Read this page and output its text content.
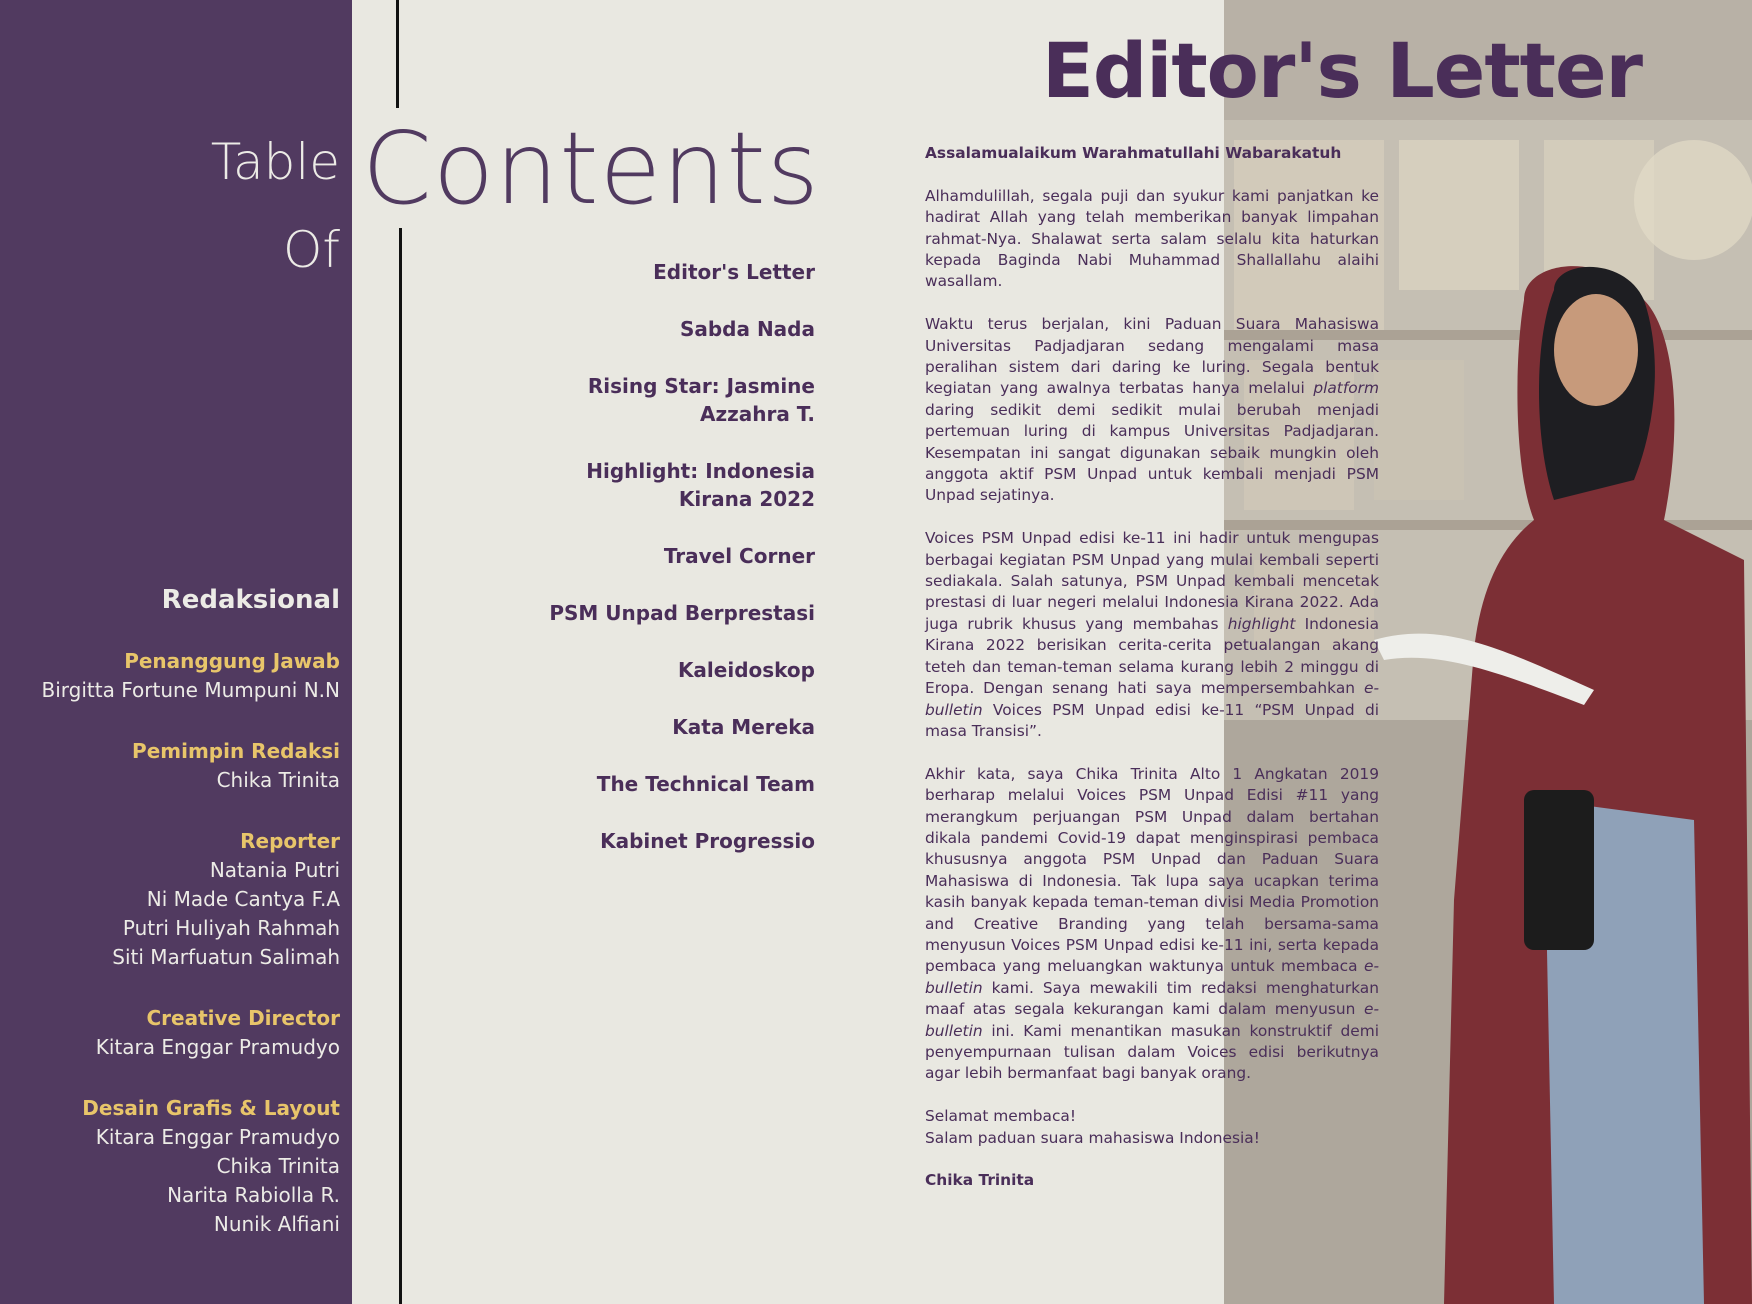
Table
Of
Redaksional
Penanggung Jawab
Birgitta Fortune Mumpuni N.N
Pemimpin Redaksi
Chika Trinita
Reporter
Natania Putri
Ni Made Cantya F.A
Putri Huliyah Rahmah
Siti Marfuatun Salimah
Creative Director
Kitara Enggar Pramudyo
Desain Grafis & Layout
Kitara Enggar Pramudyo
Chika Trinita
Narita Rabiolla R.
Nunik Alfiani
Contents
Editor's Letter
Sabda Nada
Rising Star: Jasmine
Azzahra T.
Highlight: Indonesia
Kirana 2022
Travel Corner
PSM Unpad Berprestasi
Kaleidoskop
Kata Mereka
The Technical Team
Kabinet Progressio
Editor's Letter

Assalamualaikum Warahmatullahi Wabarakatuh

Alhamdulillah, segala puji dan syukur kami panjatkan ke hadirat Allah yang telah memberikan banyak limpahan rahmat-Nya. Shalawat serta salam selalu kita haturkan kepada Baginda Nabi Muhammad Shallallahu alaihi wasallam.

Waktu terus berjalan, kini Paduan Suara Mahasiswa Universitas Padjadjaran sedang mengalami masa peralihan sistem dari daring ke luring. Segala bentuk kegiatan yang awalnya terbatas hanya melalui platform daring sedikit demi sedikit mulai berubah menjadi pertemuan luring di kampus Universitas Padjadjaran. Kesempatan ini sangat digunakan sebaik mungkin oleh anggota aktif PSM Unpad untuk kembali menjadi PSM Unpad sejatinya.

Voices PSM Unpad edisi ke-11 ini hadir untuk mengupas berbagai kegiatan PSM Unpad yang mulai kembali seperti sediakala. Salah satunya, PSM Unpad kembali mencetak prestasi di luar negeri melalui Indonesia Kirana 2022. Ada juga rubrik khusus yang membahas highlight Indonesia Kirana 2022 berisikan cerita-cerita petualangan akang teteh dan teman-teman selama kurang lebih 2 minggu di Eropa. Dengan senang hati saya mempersembahkan e-bulletin Voices PSM Unpad edisi ke-11 “PSM Unpad di masa Transisi”.

Akhir kata, saya Chika Trinita Alto 1 Angkatan 2019 berharap melalui Voices PSM Unpad Edisi #11 yang merangkum perjuangan PSM Unpad dalam bertahan dikala pandemi Covid-19 dapat menginspirasi pembaca khususnya anggota PSM Unpad dan Paduan Suara Mahasiswa di Indonesia. Tak lupa saya ucapkan terima kasih banyak kepada teman-teman divisi Media Promotion and Creative Branding yang telah bersama-sama menyusun Voices PSM Unpad edisi ke-11 ini, serta kepada pembaca yang meluangkan waktunya untuk membaca e-bulletin kami. Saya mewakili tim redaksi menghaturkan maaf atas segala kekurangan kami dalam menyusun e-bulletin ini. Kami menantikan masukan konstruktif demi penyempurnaan tulisan dalam Voices edisi berikutnya agar lebih bermanfaat bagi banyak orang.

Selamat membaca!
Salam paduan suara mahasiswa Indonesia!

Chika Trinita
